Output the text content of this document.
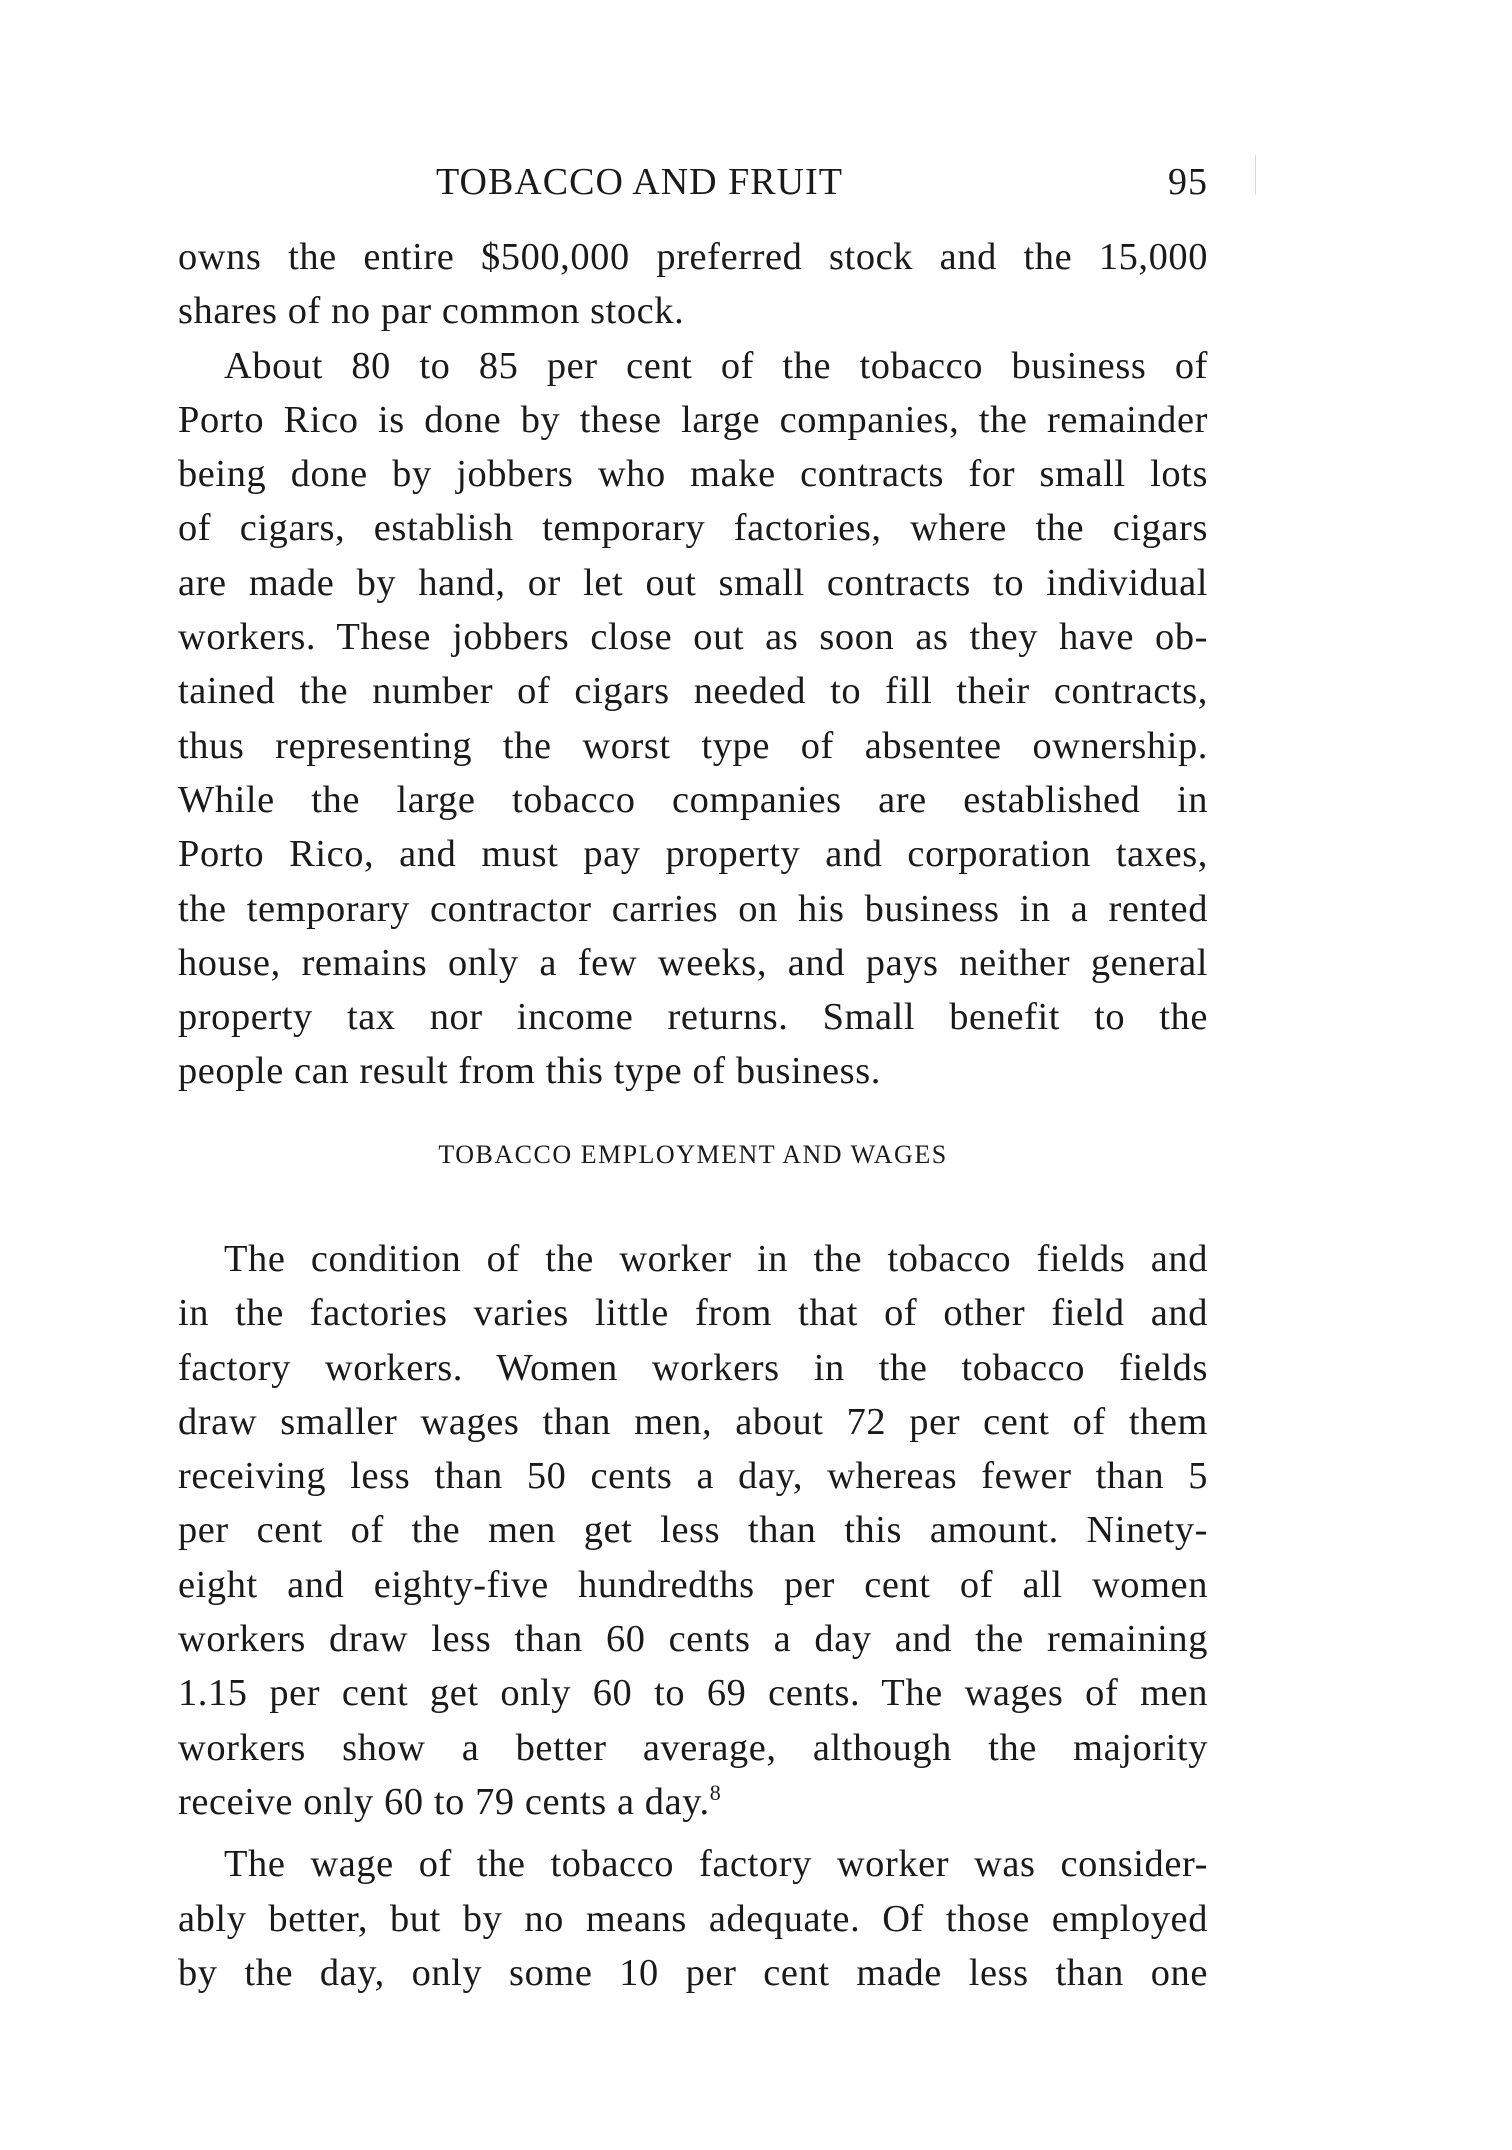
TOBACCO AND FRUIT	95
owns the entire $500,000 preferred stock and the 15,000
shares of no par common stock.
About 80 to 85 per cent of the tobacco business of
Porto Rico is done by these large companies, the remainder
being done by jobbers who make contracts for small lots
of cigars, establish temporary factories, where the cigars
are made by hand, or let out small contracts to individual
workers. These jobbers close out as soon as they have ob-
tained the number of cigars needed to fill their contracts,
thus representing the worst type of absentee ownership.
While the large tobacco companies are established in
Porto Rico, and must pay property and corporation taxes,
the temporary contractor carries on his business in a rented
house, remains only a few weeks, and pays neither general
property tax nor income returns. Small benefit to the
people can result from this type of business.
TOBACCO EMPLOYMENT AND WAGES
The condition of the worker in the tobacco fields and
in the factories varies little from that of other field and
factory workers. Women workers in the tobacco fields
draw smaller wages than men, about 72 per cent of them
receiving less than 50 cents a day, whereas fewer than 5
per cent of the men get less than this amount. Ninety-
eight and eighty-five hundredths per cent of all women
workers draw less than 60 cents a day and the remaining
1.15 per cent get only 60 to 69 cents. The wages of men
workers show a better average, although the majority
receive only 60 to 79 cents a day.$^8$
The wage of the tobacco factory worker was consider-
ably better, but by no means adequate. Of those employed
by the day, only some 10 per cent made less than one
